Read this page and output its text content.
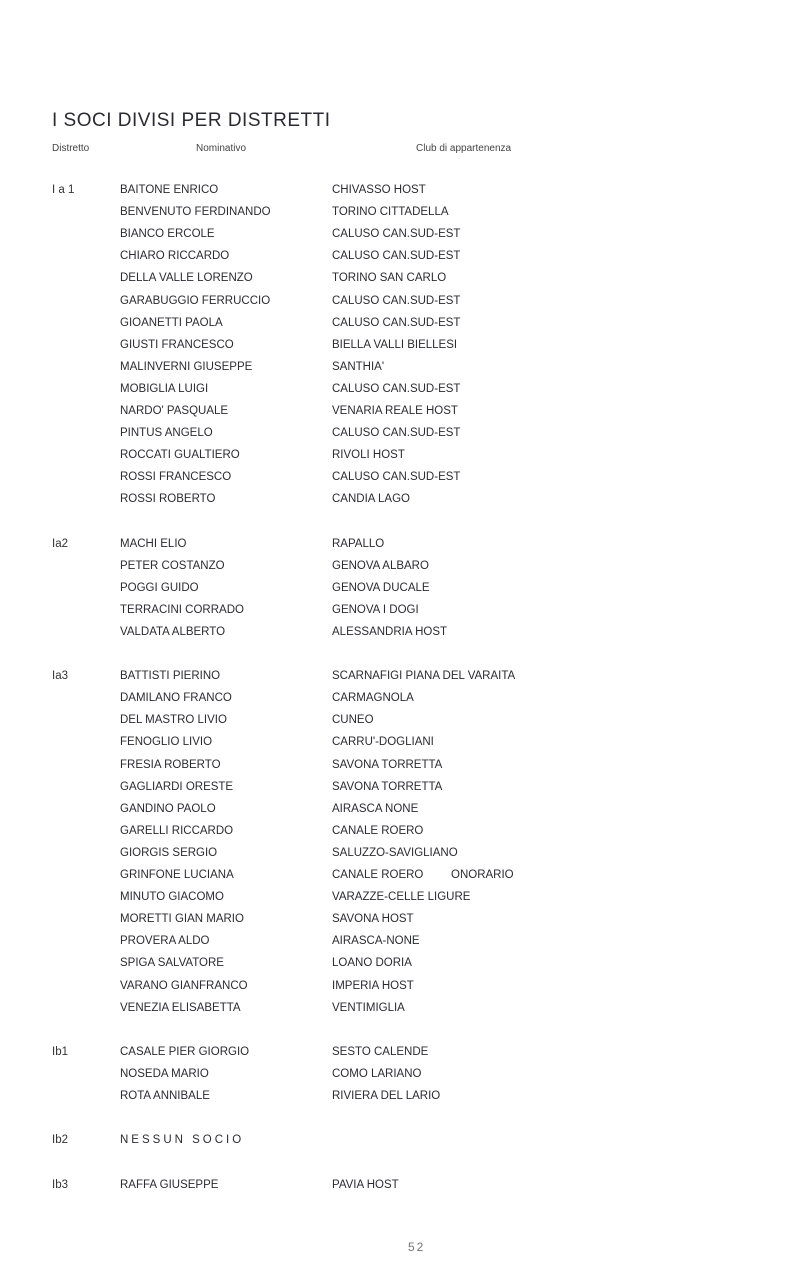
I SOCI DIVISI PER DISTRETTI
Distretto	Nominativo	Club di appartenenza
I a 1	BAITONE ENRICO	CHIVASSO HOST
BENVENUTO FERDINANDO	TORINO CITTADELLA
BIANCO ERCOLE	CALUSO CAN.SUD-EST
CHIARO RICCARDO	CALUSO CAN.SUD-EST
DELLA VALLE LORENZO	TORINO SAN CARLO
GARABUGGIO FERRUCCIO	CALUSO CAN.SUD-EST
GIOANETTI PAOLA	CALUSO CAN.SUD-EST
GIUSTI FRANCESCO	BIELLA VALLI BIELLESI
MALINVERNI GIUSEPPE	SANTHIA'
MOBIGLIA LUIGI	CALUSO CAN.SUD-EST
NARDO' PASQUALE	VENARIA REALE HOST
PINTUS ANGELO	CALUSO CAN.SUD-EST
ROCCATI GUALTIERO	RIVOLI HOST
ROSSI FRANCESCO	CALUSO CAN.SUD-EST
ROSSI ROBERTO	CANDIA LAGO
Ia2	MACHI ELIO	RAPALLO
PETER COSTANZO	GENOVA ALBARO
POGGI GUIDO	GENOVA DUCALE
TERRACINI CORRADO	GENOVA I DOGI
VALDATA ALBERTO	ALESSANDRIA HOST
Ia3	BATTISTI PIERINO	SCARNAFIGI PIANA DEL VARAITA
DAMILANO FRANCO	CARMAGNOLA
DEL MASTRO LIVIO	CUNEO
FENOGLIO LIVIO	CARRU'-DOGLIANI
FRESIA ROBERTO	SAVONA TORRETTA
GAGLIARDI ORESTE	SAVONA TORRETTA
GANDINO PAOLO	AIRASCA NONE
GARELLI RICCARDO	CANALE ROERO
GIORGIS SERGIO	SALUZZO-SAVIGLIANO
GRINFONE LUCIANA	CANALE ROERO ONORARIO
MINUTO GIACOMO	VARAZZE-CELLE LIGURE
MORETTI GIAN MARIO	SAVONA HOST
PROVERA ALDO	AIRASCA-NONE
SPIGA SALVATORE	LOANO DORIA
VARANO GIANFRANCO	IMPERIA HOST
VENEZIA ELISABETTA	VENTIMIGLIA
Ib1	CASALE PIER GIORGIO	SESTO CALENDE
NOSEDA MARIO	COMO LARIANO
ROTA ANNIBALE	RIVIERA DEL LARIO
Ib2	NESSUN SOCIO
Ib3	RAFFA GIUSEPPE	PAVIA HOST
52
